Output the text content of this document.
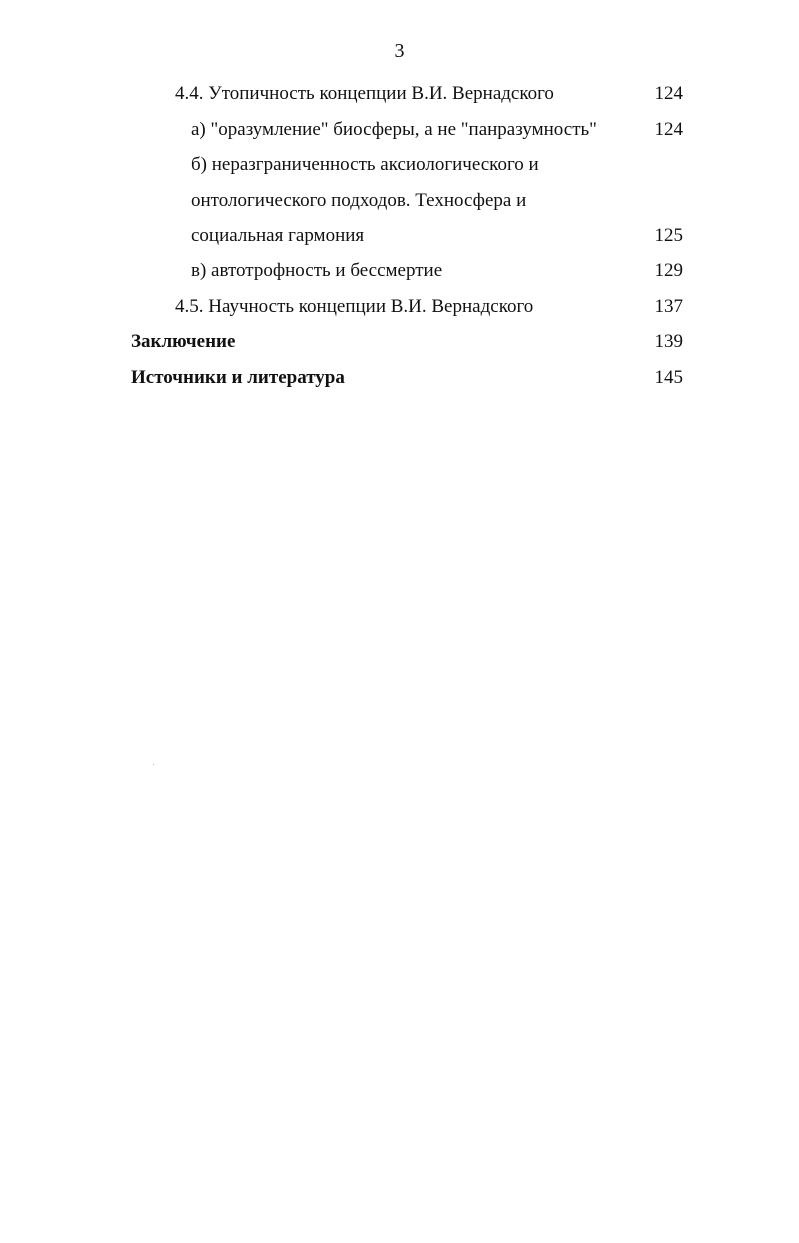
3
4.4. Утопичность концепции В.И. Вернадского	124
а) "оразумление" биосферы, а не "панразумность"	124
б) неразграниченность аксиологического и
онтологического подходов. Техносфера и
социальная гармония	125
в) автотрофность и бессмертие	129
4.5. Научность концепции В.И. Вернадского	137
Заключение	139
Источники и литература	145
